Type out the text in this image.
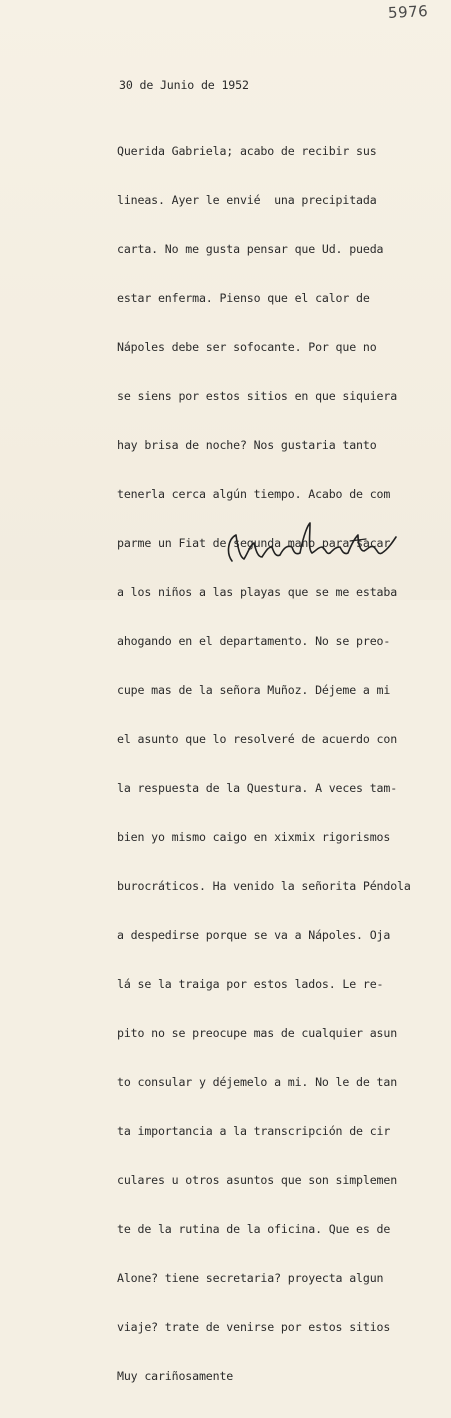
5976
30 de Junio de 1952

Querida Gabriela; acabo de recibir sus

lineas. Ayer le envié  una precipitada

carta. No me gusta pensar que Ud. pueda

estar enferma. Pienso que el calor de

Nápoles debe ser sofocante. Por que no

se siens por estos sitios en que siquiera

hay brisa de noche? Nos gustaria tanto

tenerla cerca algún tiempo. Acabo de com

parme un Fiat de segunda mano para sacar

a los niños a las playas que se me estaba

ahogando en el departamento. No se preo-

cupe mas de la señora Muñoz. Déjeme a mi

el asunto que lo resolveré de acuerdo con

la respuesta de la Questura. A veces tam-

bien yo mismo caigo en xixmix rigorismos

burocráticos. Ha venido la señorita Péndola

a despedirse porque se va a Nápoles. Oja

lá se la traiga por estos lados. Le re-

pito no se preocupe mas de cualquier asun

to consular y déjemelo a mi. No le de tan

ta importancia a la transcripción de cir

culares u otros asuntos que son simplemen

te de la rutina de la oficina. Que es de

Alone? tiene secretaria? proyecta algun

viaje? trate de venirse por estos sitios

Muy cariñosamente
